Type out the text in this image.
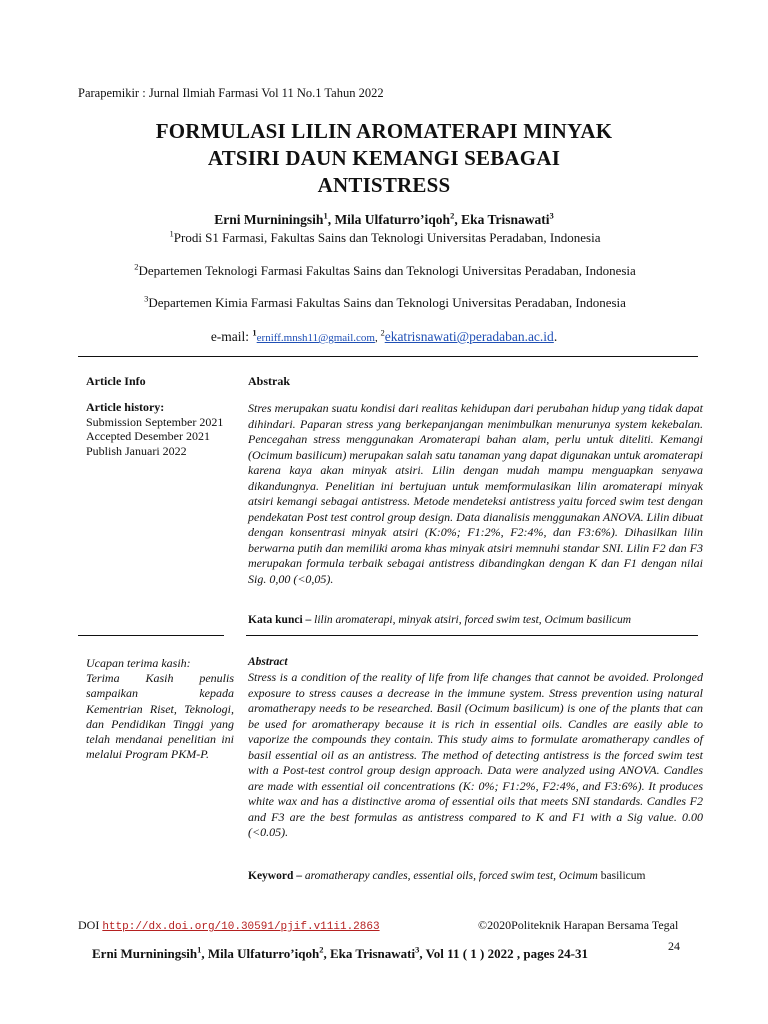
Parapemikir : Jurnal Ilmiah Farmasi Vol 11 No.1 Tahun 2022
FORMULASI LILIN AROMATERAPI MINYAK
ATSIRI DAUN KEMANGI SEBAGAI
ANTISTRESS
Erni Murniningsih$^1$, Mila Ulfaturro’iqoh$^2$, Eka Trisnawati$^3$
$^1$Prodi S1 Farmasi, Fakultas Sains dan Teknologi Universitas Peradaban, Indonesia
$^2$Departemen Teknologi Farmasi Fakultas Sains dan Teknologi Universitas Peradaban, Indonesia
$^3$Departemen Kimia Farmasi Fakultas Sains dan Teknologi Universitas Peradaban, Indonesia
e-mail: $^1$erniff.mnsh11@gmail.com, $^2$ekatrisnawati@peradaban.ac.id.
Article Info	Abstrak
Article history:
Submission September 2021
Accepted Desember 2021
Publish Januari 2022
Stres merupakan suatu kondisi dari realitas kehidupan dari perubahan hidup yang tidak dapat dihindari. Paparan stress yang berkepanjangan menimbulkan menurunya system kekebalan. Pencegahan stress menggunakan Aromaterapi bahan alam, perlu untuk diteliti. Kemangi (Ocimum basilicum) merupakan salah satu tanaman yang dapat digunakan untuk aromaterapi karena kaya akan minyak atsiri. Lilin dengan mudah mampu menguapkan senyawa dikandungnya. Penelitian ini bertujuan untuk memformulasikan lilin aromaterapi minyak atsiri kemangi sebagai antistress. Metode mendeteksi antistress yaitu forced swim test dengan pendekatan Post test control group design. Data dianalisis menggunakan ANOVA. Lilin dibuat dengan konsentrasi minyak atsiri (K:0%; F1:2%, F2:4%, dan F3:6%). Dihasilkan lilin berwarna putih dan memiliki aroma khas minyak atsiri memnuhi standar SNI. Lilin F2 dan F3 merupakan formula terbaik sebagai antistress dibandingkan dengan K dan F1 dengan nilai Sig. 0,00 (<0,05).
Kata kunci – lilin aromaterapi, minyak atsiri, forced swim test, Ocimum basilicum
Ucapan terima kasih:
Terima Kasih penulis sampaikan kepada Kementrian Riset, Teknologi, dan Pendidikan Tinggi yang telah mendanai penelitian ini melalui Program PKM-P.
Abstract
Stress is a condition of the reality of life from life changes that cannot be avoided. Prolonged exposure to stress causes a decrease in the immune system. Stress prevention using natural aromatherapy needs to be researched. Basil (Ocimum basilicum) is one of the plants that can be used for aromatherapy because it is rich in essential oils. Candles are easily able to vaporize the compounds they contain. This study aims to formulate aromatherapy candles of basil essential oil as an antistress. The method of detecting antistress is the forced swim test with a Post-test control group design approach. Data were analyzed using ANOVA. Candles are made with essential oil concentrations (K: 0%; F1:2%, F2:4%, and F3:6%). It produces white wax and has a distinctive aroma of essential oils that meets SNI standards. Candles F2 and F3 are the best formulas as antistress compared to K and F1 with a Sig value. 0.00 (<0.05).
Keyword – aromatherapy candles, essential oils, forced swim test, Ocimum basilicum
DOI http://dx.doi.org/10.30591/pjif.v11i1.2863	©2020Politeknik Harapan Bersama Tegal
24
Erni Murniningsih$^1$, Mila Ulfaturro’iqoh$^2$, Eka Trisnawati$^3$, Vol 11 ( 1 ) 2022 , pages 24-31
